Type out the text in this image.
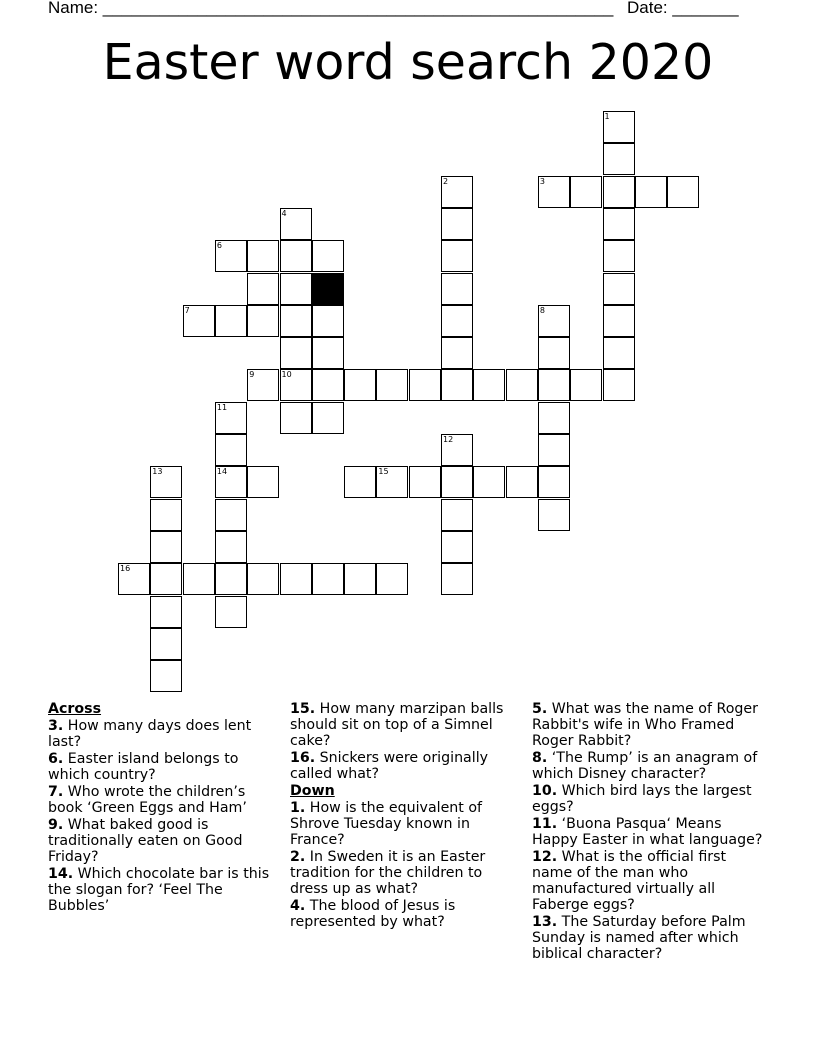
Name: ______________________________________________________ Date: _______
Easter word search 2020
1
2	3
4
10
6
7	8
9
11
14
12
15
13
16
Across
3. How many days does lent last?
6. Easter island belongs to which country?
7. Who wrote the children’s book ‘Green Eggs and Ham’
9. What baked good is traditionally eaten on Good Friday?
14. Which chocolate bar is this the slogan for? ‘Feel The Bubbles’
15. How many marzipan balls should sit on top of a Simnel cake?
16. Snickers were originally called what?
Down
1. How is the equivalent of Shrove Tuesday known in France?
2. In Sweden it is an Easter tradition for the children to dress up as what?
4. The blood of Jesus is represented by what?
5. What was the name of Roger Rabbit's wife in Who Framed Roger Rabbit?
8. ‘The Rump’ is an anagram of which Disney character?
10. Which bird lays the largest eggs?
11. ‘Buona Pasqua‘ Means Happy Easter in what language?
12. What is the official first name of the man who manufactured virtually all Faberge eggs?
13. The Saturday before Palm Sunday is named after which biblical character?
